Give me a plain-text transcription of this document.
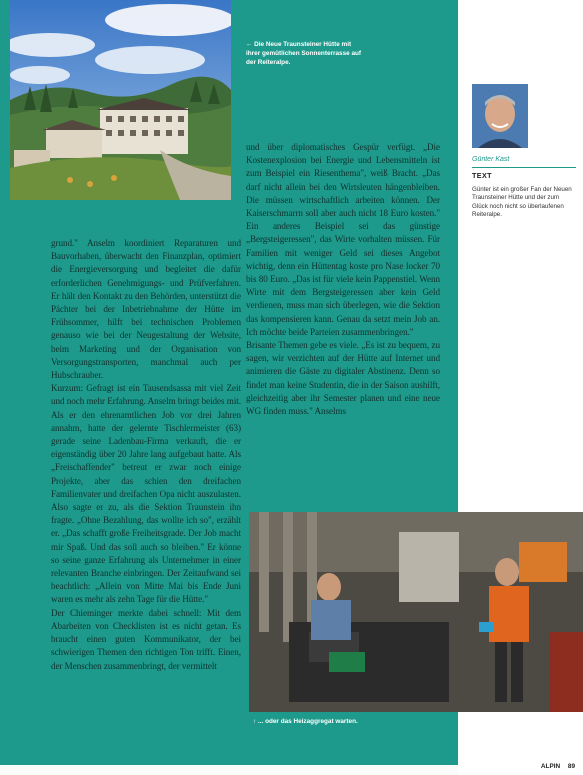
← Die Neue Traunsteiner Hütte mit ihrer gemütlichen Sonnenterrasse auf der Reiteralpe.

grund." Anselm koordiniert Reparaturen und Bauvorhaben, überwacht den Finanzplan, optimiert die Energieversorgung und begleitet die dafür erforderlichen Genehmigungs- und Prüfverfahren. Er hält den Kontakt zu den Behörden, unterstützt die Pächter bei der Inbetriebnahme der Hütte im Frühsommer, hilft bei technischen Problemen genauso wie bei der Neugestaltung der Website, beim Marketing und der Organisation von Versorgungstransporten, manchmal auch per Hubschrauber.

Kurzum: Gefragt ist ein Tausendsassa mit viel Zeit und noch mehr Erfahrung. Anselm bringt beides mit. Als er den ehrenamtlichen Job vor drei Jahren annahm, hatte der gelernte Tischlermeister (63) gerade seine Ladenbau-Firma verkauft, die er eigenständig über 20 Jahre lang aufgebaut hatte. Als „Freischaffender" betreut er zwar noch einige Projekte, aber das schien den dreifachen Familienvater und dreifachen Opa nicht auszulasten. Also sagte er zu, als die Sektion Traunstein ihn fragte. „Ohne Bezahlung, das wollte ich so", erzählt er. „Das schafft große Freiheitsgrade. Der Job macht mir Spaß. Und das soll auch so bleiben." Er könne so seine ganze Erfahrung als Unternehmer in einer relevanten Branche einbringen. Der Zeitaufwand sei beachtlich: „Allein von Mitte Mai bis Ende Juni waren es mehr als zehn Tage für die Hütte."

Der Chieminger merkte dabei schnell: Mit dem Abarbeiten von Checklisten ist es nicht getan. Es braucht einen guten Kommunikator, der bei schwierigen Themen den richtigen Ton trifft. Einen, der Menschen zusammenbringt, der vermittelt

und über diplomatisches Gespür verfügt. „Die Kostenexplosion bei Energie und Lebensmitteln ist zum Beispiel ein Riesenthema", weiß Bracht. „Das darf nicht allein bei den Wirtsleuten hängenbleiben. Die müssen wirtschaftlich arbeiten können. Der Kaiserschmarrn soll aber auch nicht 18 Euro kosten." Ein anderes Beispiel sei das günstige „Bergsteigeressen", das Wirte vorhalten müssen. Für Familien mit weniger Geld sei dieses Angebot wichtig, denn ein Hüttentag koste pro Nase locker 70 bis 80 Euro. „Das ist für viele kein Pappenstiel. Wenn Wirte mit dem Bergsteigeressen aber kein Geld verdienen, muss man sich überlegen, wie die Sektion das kompensieren kann. Genau da setzt mein Job an. Ich möchte beide Parteien zusammenbringen."

Brisante Themen gebe es viele. „Es ist zu bequem, zu sagen, wir verzichten auf der Hütte auf Internet und animieren die Gäste zu digitaler Abstinenz. Denn so findet man keine Studentin, die in der Saison aushilft, gleichzeitig aber ihr Semester planen und eine neue WG finden muss." Anselms

Günter Kast
TEXT
Günter ist ein großer Fan der Neuen Traunsteiner Hütte und der zum Glück noch nicht so überlaufenen Reiteralpe.
↑ ... oder das Heizaggregat warten.
ALPIN 89
